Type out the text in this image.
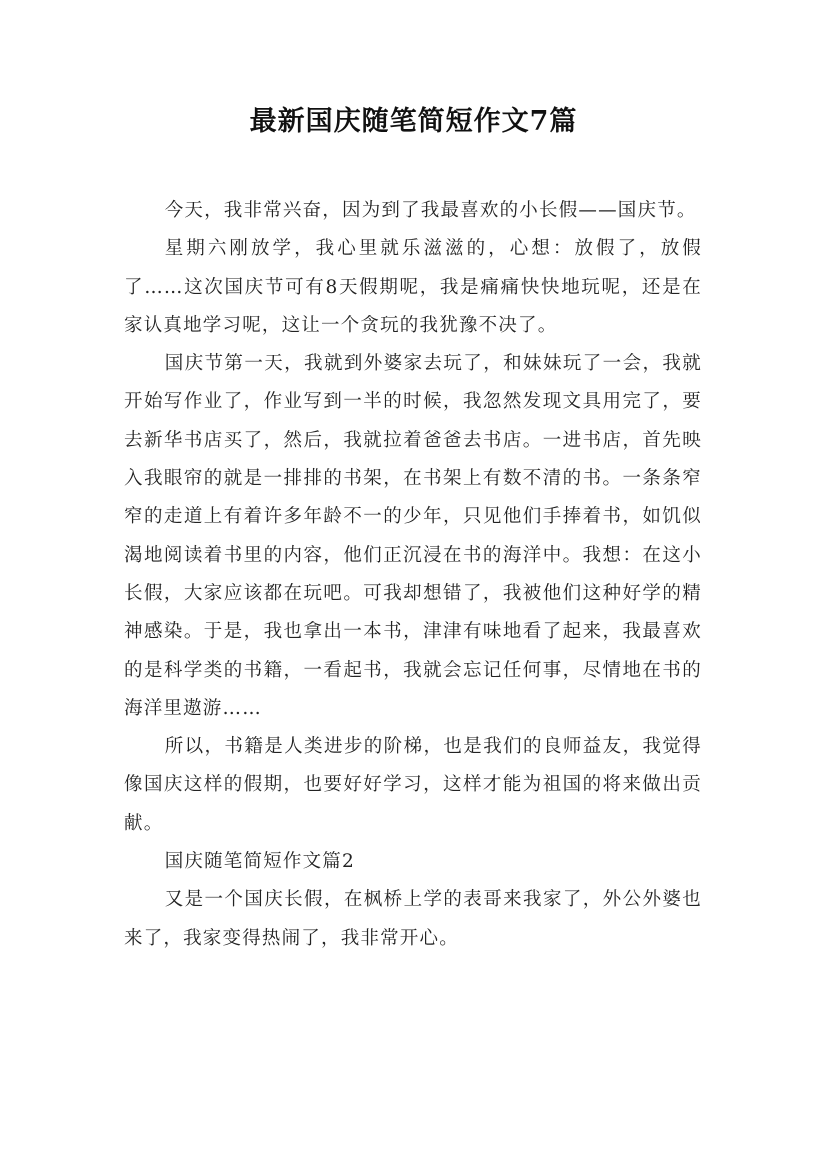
最新国庆随笔简短作文7篇

今天，我非常兴奋，因为到了我最喜欢的小长假——国庆节。

星期六刚放学，我心里就乐滋滋的，心想：放假了，放假了……这次国庆节可有8天假期呢，我是痛痛快快地玩呢，还是在家认真地学习呢，这让一个贪玩的我犹豫不决了。

国庆节第一天，我就到外婆家去玩了，和妹妹玩了一会，我就开始写作业了，作业写到一半的时候，我忽然发现文具用完了，要去新华书店买了，然后，我就拉着爸爸去书店。一进书店，首先映入我眼帘的就是一排排的书架，在书架上有数不清的书。一条条窄窄的走道上有着许多年龄不一的少年，只见他们手捧着书，如饥似渴地阅读着书里的内容，他们正沉浸在书的海洋中。我想：在这小长假，大家应该都在玩吧。可我却想错了，我被他们这种好学的精神感染。于是，我也拿出一本书，津津有味地看了起来，我最喜欢的是科学类的书籍，一看起书，我就会忘记任何事，尽情地在书的海洋里遨游……

所以，书籍是人类进步的阶梯，也是我们的良师益友，我觉得像国庆这样的假期，也要好好学习，这样才能为祖国的将来做出贡献。

国庆随笔简短作文篇2

又是一个国庆长假，在枫桥上学的表哥来我家了，外公外婆也来了，我家变得热闹了，我非常开心。
